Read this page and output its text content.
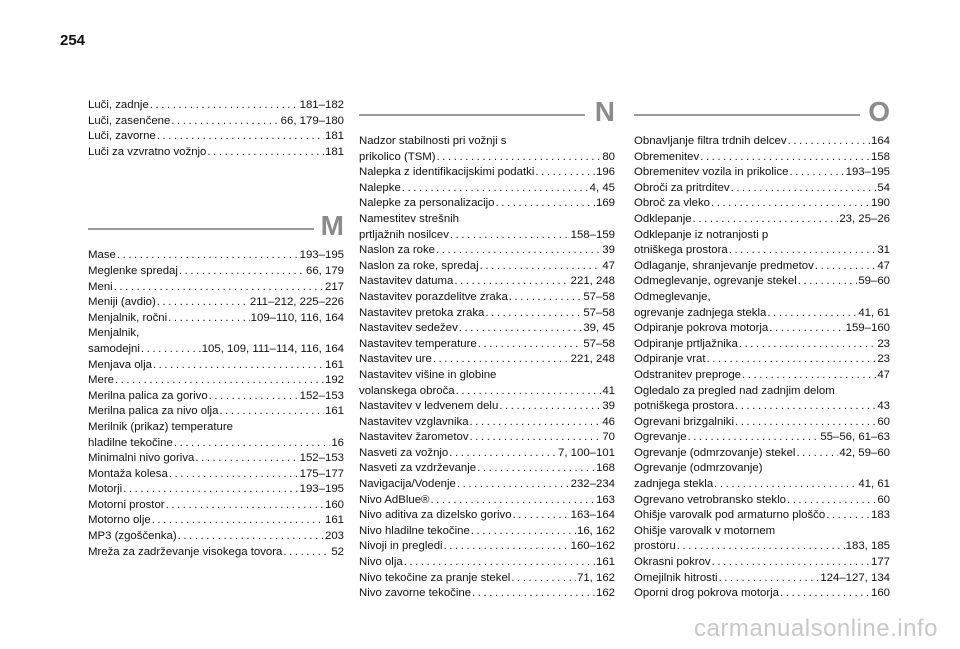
254
Luči, zadnje . . .	181–182
Luči, zasenčene . . .	66, 179–180
Luči, zavorne . . .	181
Luči za vzvratno vožnjo . . .	181
M
Mase . . .	193–195
Meglenke spredaj . . .	66, 179
Meni . . .	217
Meniji (avdio) . . .	211–212, 225–226
Menjalnik, ročni . . .	109–110, 116, 164
Menjalnik,
samodejni . . .	105, 109, 111–114, 116, 164
Menjava olja . . .	161
Mere . . .	192
Merilna palica za gorivo . . .	152–153
Merilna palica za nivo olja . . .	161
Merilnik (prikaz) temperature
hladilne tekočine . . .	16
Minimalni nivo goriva . . .	152–153
Montaža kolesa . . .	175–177
Motorji . . .	193–195
Motorni prostor . . .	160
Motorno olje . . .	161
MP3 (zgoščenka) . . .	203
Mreža za zadrževanje visokega tovora . . .	52
N
Nadzor stabilnosti pri vožnji s
prikolico (TSM) . . .	80
Nalepka z identifikacijskimi podatki . . .	196
Nalepke . . .	4, 45
Nalepke za personalizacijo . . .	169
Namestitev strešnih
prtljažnih nosilcev . . .	158–159
Naslon za roke . . .	39
Naslon za roke, spredaj . . .	47
Nastavitev datuma . . .	221, 248
Nastavitev porazdelitve zraka . . .	57–58
Nastavitev pretoka zraka . . .	57–58
Nastavitev sedežev . . .	39, 45
Nastavitev temperature . . .	57–58
Nastavitev ure . . .	221, 248
Nastavitev višine in globine
volanskega obroča . . .	41
Nastavitev v ledvenem delu . . .	39
Nastavitev vzglavnika . . .	46
Nastavitev žarometov . . .	70
Nasveti za vožnjo . . .	7, 100–101
Nasveti za vzdrževanje . . .	168
Navigacija/Vodenje . . .	232–234
Nivo AdBlue® . . .	163
Nivo aditiva za dizelsko gorivo . . .	163–164
Nivo hladilne tekočine . . .	16, 162
Nivoji in pregledi . . .	160–162
Nivo olja . . .	161
Nivo tekočine za pranje stekel . . .	71, 162
Nivo zavorne tekočine . . .	162
O
Obnavljanje filtra trdnih delcev . . .	164
Obremenitev . . .	158
Obremenitev vozila in prikolice . . .	193–195
Obroči za pritrditev . . .	54
Obroč za vleko . . .	190
Odklepanje . . .	23, 25–26
Odklepanje iz notranjosti p
otniškega prostora . . .	31
Odlaganje, shranjevanje predmetov . . .	47
Odmeglevanje, ogrevanje stekel . . .	59–60
Odmeglevanje,
ogrevanje zadnjega stekla . . .	41, 61
Odpiranje pokrova motorja . . .	159–160
Odpiranje prtljažnika . . .	23
Odpiranje vrat . . .	23
Odstranitev preproge . . .	47
Ogledalo za pregled nad zadnjim delom
potniškega prostora . . .	43
Ogrevani brizgalniki . . .	60
Ogrevanje . . .	55–56, 61–63
Ogrevanje (odmrzovanje) stekel . . .	42, 59–60
Ogrevanje (odmrzovanje)
zadnjega stekla . . .	41, 61
Ogrevano vetrobransko steklo . . .	60
Ohišje varovalk pod armaturno ploščo . . .	183
Ohišje varovalk v motornem
prostoru . . .	183, 185
Okrasni pokrov . . .	177
Omejilnik hitrosti . . .	124–127, 134
Oporni drog pokrova motorja . . .	160
carmanualsonline.info
